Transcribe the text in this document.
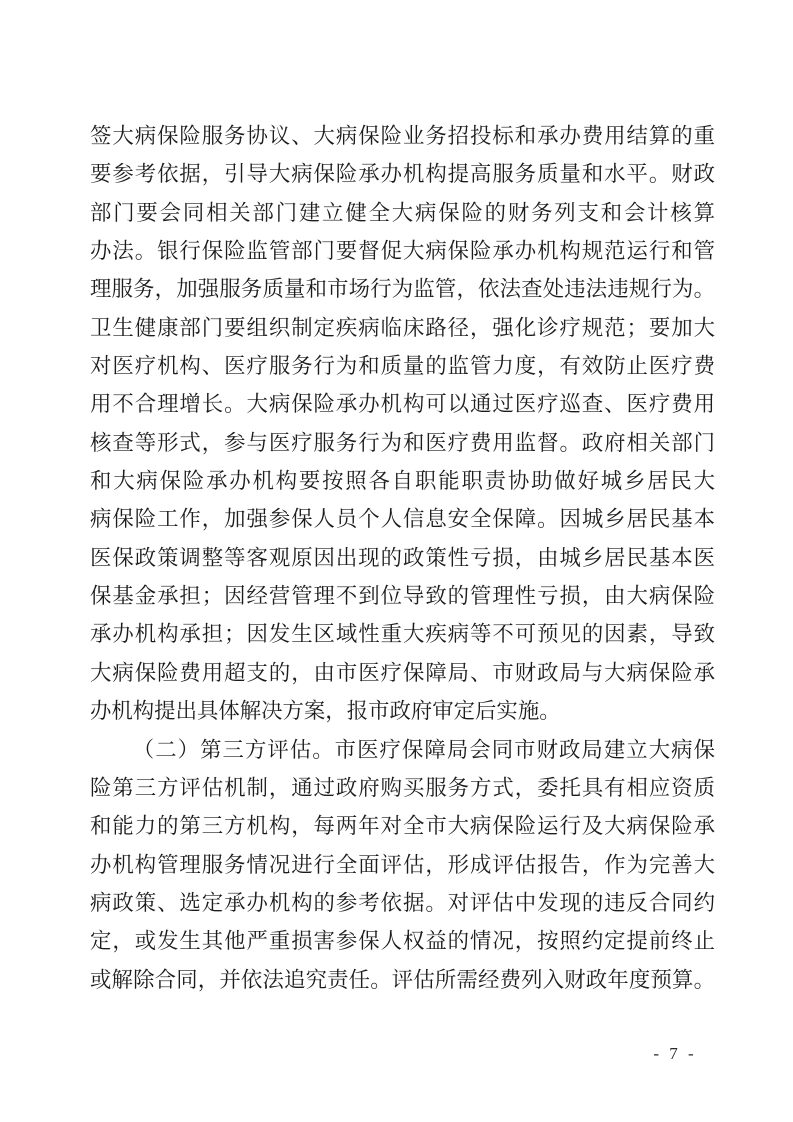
签大病保险服务协议、大病保险业务招投标和承办费用结算的重
要参考依据，引导大病保险承办机构提高服务质量和水平。财政
部门要会同相关部门建立健全大病保险的财务列支和会计核算
办法。银行保险监管部门要督促大病保险承办机构规范运行和管
理服务，加强服务质量和市场行为监管，依法查处违法违规行为。
卫生健康部门要组织制定疾病临床路径，强化诊疗规范；要加大
对医疗机构、医疗服务行为和质量的监管力度，有效防止医疗费
用不合理增长。大病保险承办机构可以通过医疗巡查、医疗费用
核查等形式，参与医疗服务行为和医疗费用监督。政府相关部门
和大病保险承办机构要按照各自职能职责协助做好城乡居民大
病保险工作，加强参保人员个人信息安全保障。因城乡居民基本
医保政策调整等客观原因出现的政策性亏损，由城乡居民基本医
保基金承担；因经营管理不到位导致的管理性亏损，由大病保险
承办机构承担；因发生区域性重大疾病等不可预见的因素，导致
大病保险费用超支的，由市医疗保障局、市财政局与大病保险承
办机构提出具体解决方案，报市政府审定后实施。
（二）第三方评估。市医疗保障局会同市财政局建立大病保
险第三方评估机制，通过政府购买服务方式，委托具有相应资质
和能力的第三方机构，每两年对全市大病保险运行及大病保险承
办机构管理服务情况进行全面评估，形成评估报告，作为完善大
病政策、选定承办机构的参考依据。对评估中发现的违反合同约
定，或发生其他严重损害参保人权益的情况，按照约定提前终止
或解除合同，并依法追究责任。评估所需经费列入财政年度预算。
- 7 -
